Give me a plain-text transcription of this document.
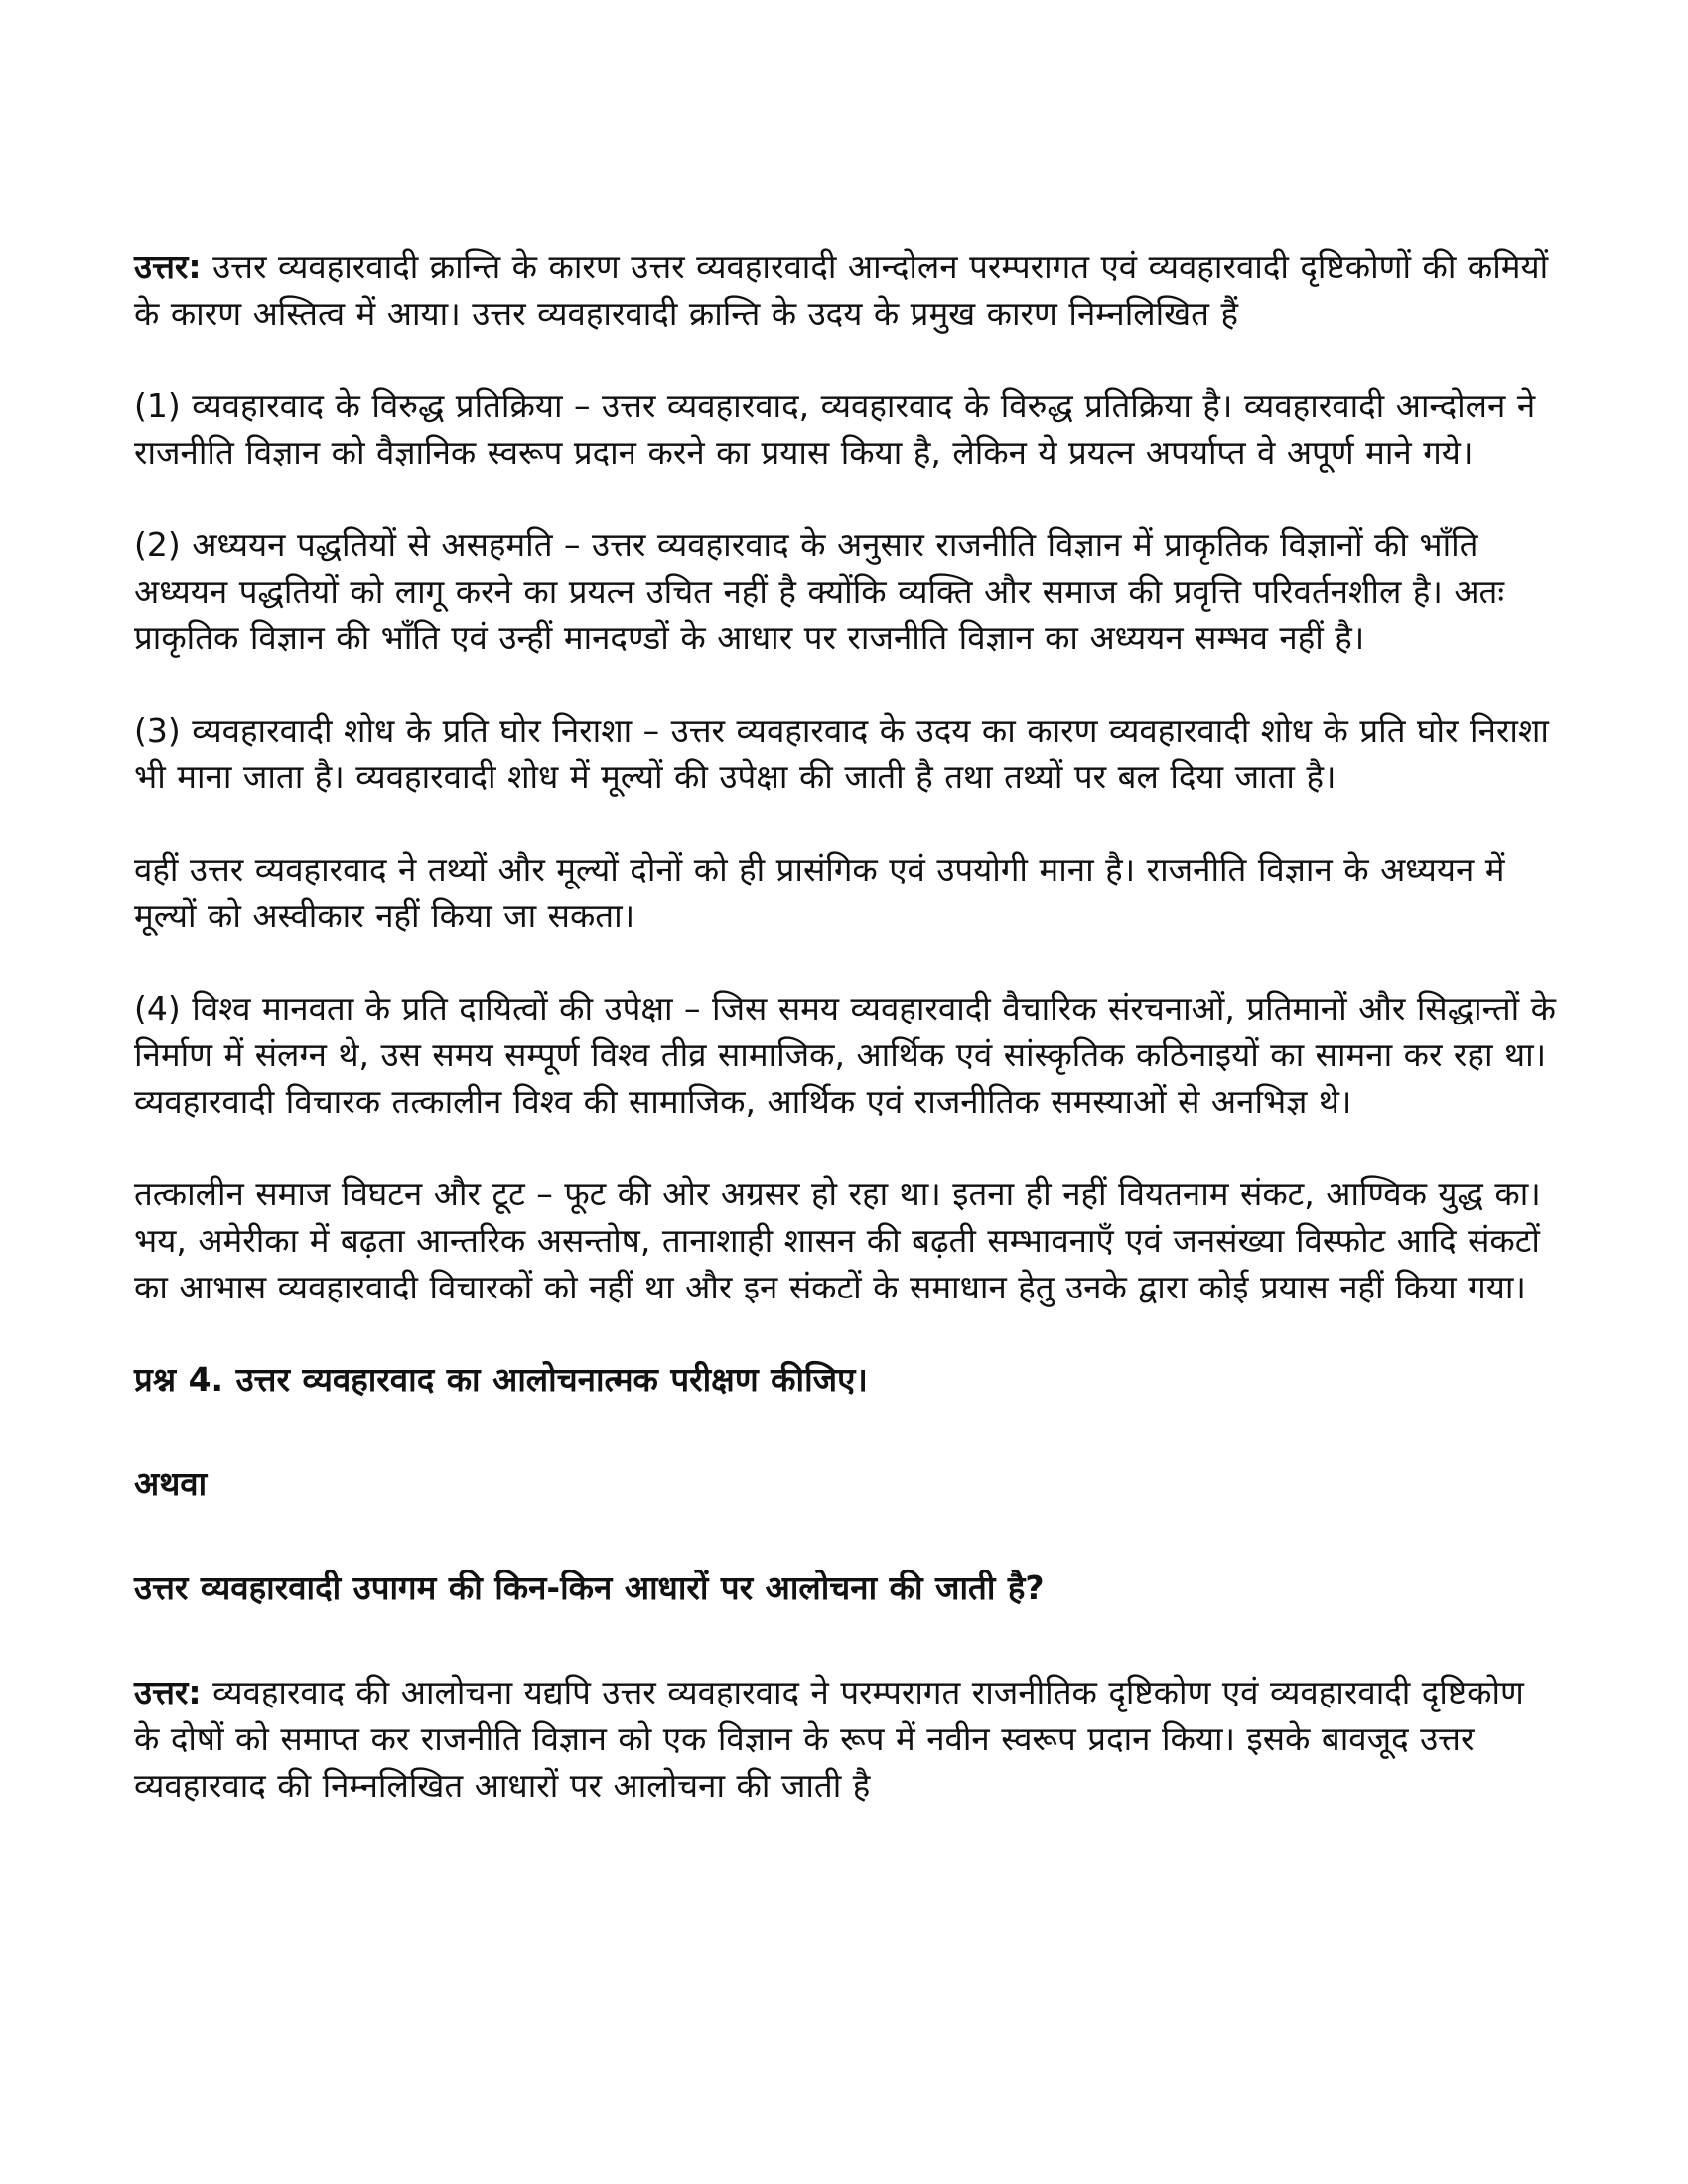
उत्तर: उत्तर व्यवहारवादी क्रान्ति के कारण उत्तर व्यवहारवादी आन्दोलन परम्परागत एवं व्यवहारवादी दृष्टिकोणों की कमियों के कारण अस्तित्व में आया। उत्तर व्यवहारवादी क्रान्ति के उदय के प्रमुख कारण निम्नलिखित हैं

(1) व्यवहारवाद के विरुद्ध प्रतिक्रिया – उत्तर व्यवहारवाद, व्यवहारवाद के विरुद्ध प्रतिक्रिया है। व्यवहारवादी आन्दोलन ने राजनीति विज्ञान को वैज्ञानिक स्वरूप प्रदान करने का प्रयास किया है, लेकिन ये प्रयत्न अपर्याप्त वे अपूर्ण माने गये।

(2) अध्ययन पद्धतियों से असहमति – उत्तर व्यवहारवाद के अनुसार राजनीति विज्ञान में प्राकृतिक विज्ञानों की भाँति अध्ययन पद्धतियों को लागू करने का प्रयत्न उचित नहीं है क्योंकि व्यक्ति और समाज की प्रवृत्ति परिवर्तनशील है। अतः प्राकृतिक विज्ञान की भाँति एवं उन्हीं मानदण्डों के आधार पर राजनीति विज्ञान का अध्ययन सम्भव नहीं है।

(3) व्यवहारवादी शोध के प्रति घोर निराशा – उत्तर व्यवहारवाद के उदय का कारण व्यवहारवादी शोध के प्रति घोर निराशा भी माना जाता है। व्यवहारवादी शोध में मूल्यों की उपेक्षा की जाती है तथा तथ्यों पर बल दिया जाता है।

वहीं उत्तर व्यवहारवाद ने तथ्यों और मूल्यों दोनों को ही प्रासंगिक एवं उपयोगी माना है। राजनीति विज्ञान के अध्ययन में मूल्यों को अस्वीकार नहीं किया जा सकता।

(4) विश्व मानवता के प्रति दायित्वों की उपेक्षा – जिस समय व्यवहारवादी वैचारिक संरचनाओं, प्रतिमानों और सिद्धान्तों के निर्माण में संलग्न थे, उस समय सम्पूर्ण विश्व तीव्र सामाजिक, आर्थिक एवं सांस्कृतिक कठिनाइयों का सामना कर रहा था। व्यवहारवादी विचारक तत्कालीन विश्व की सामाजिक, आर्थिक एवं राजनीतिक समस्याओं से अनभिज्ञ थे।

तत्कालीन समाज विघटन और टूट – फूट की ओर अग्रसर हो रहा था। इतना ही नहीं वियतनाम संकट, आण्विक युद्ध का। भय, अमेरीका में बढ़ता आन्तरिक असन्तोष, तानाशाही शासन की बढ़ती सम्भावनाएँ एवं जनसंख्या विस्फोट आदि संकटों का आभास व्यवहारवादी विचारकों को नहीं था और इन संकटों के समाधान हेतु उनके द्वारा कोई प्रयास नहीं किया गया।

प्रश्न 4. उत्तर व्यवहारवाद का आलोचनात्मक परीक्षण कीजिए।

अथवा

उत्तर व्यवहारवादी उपागम की किन-किन आधारों पर आलोचना की जाती है?

उत्तर: व्यवहारवाद की आलोचना यद्यपि उत्तर व्यवहारवाद ने परम्परागत राजनीतिक दृष्टिकोण एवं व्यवहारवादी दृष्टिकोण के दोषों को समाप्त कर राजनीति विज्ञान को एक विज्ञान के रूप में नवीन स्वरूप प्रदान किया। इसके बावजूद उत्तर व्यवहारवाद की निम्नलिखित आधारों पर आलोचना की जाती है
